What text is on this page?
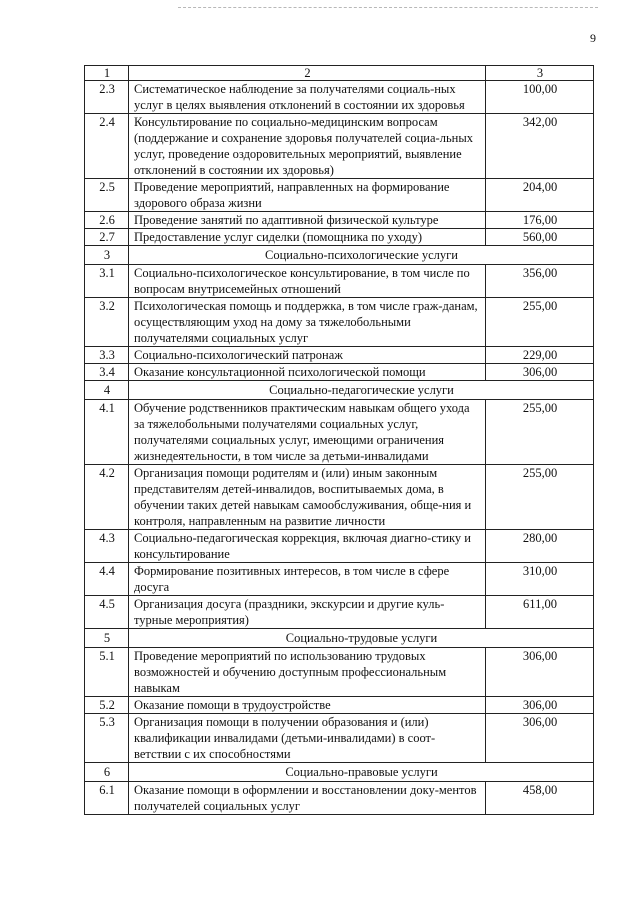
9
1	2	3
2.3	Систематическое наблюдение за получателями социаль-ных услуг в целях выявления отклонений в состоянии их здоровья	100,00
2.4	Консультирование по социально-медицинским вопросам (поддержание и сохранение здоровья получателей социа-льных услуг, проведение оздоровительных мероприятий, выявление отклонений в состоянии их здоровья)	342,00
2.5	Проведение мероприятий, направленных на формирование здорового образа жизни	204,00
2.6	Проведение занятий по адаптивной физической культуре	176,00
2.7	Предоставление услуг сиделки (помощника по уходу)	560,00
3	Социально-психологические услуги	
3.1	Социально-психологическое консультирование, в том числе по вопросам внутрисемейных отношений	356,00
3.2	Психологическая помощь и поддержка, в том числе граж-данам, осуществляющим уход на дому за тяжелобольными получателями социальных услуг	255,00
3.3	Социально-психологический патронаж	229,00
3.4	Оказание консультационной психологической помощи	306,00
4	Социально-педагогические услуги	
4.1	Обучение родственников практическим навыкам общего ухода за тяжелобольными получателями социальных услуг, получателями социальных услуг, имеющими ограничения жизнедеятельности, в том числе за детьми-инвалидами	255,00
4.2	Организация помощи родителям и (или) иным законным представителям детей-инвалидов, воспитываемых дома, в обучении таких детей навыкам самообслуживания, обще-ния и контроля, направленным на развитие личности	255,00
4.3	Социально-педагогическая коррекция, включая диагно-стику и консультирование	280,00
4.4	Формирование позитивных интересов, в том числе в сфере досуга	310,00
4.5	Организация досуга (праздники, экскурсии и другие куль-турные мероприятия)	611,00
5	Социально-трудовые услуги	
5.1	Проведение мероприятий по использованию трудовых возможностей и обучению доступным профессиональным навыкам	306,00
5.2	Оказание помощи в трудоустройстве	306,00
5.3	Организация помощи в получении образования и (или) квалификации инвалидами (детьми-инвалидами) в соот-ветствии с их способностями	306,00
6	Социально-правовые услуги	
6.1	Оказание помощи в оформлении и восстановлении доку-ментов получателей социальных услуг	458,00
